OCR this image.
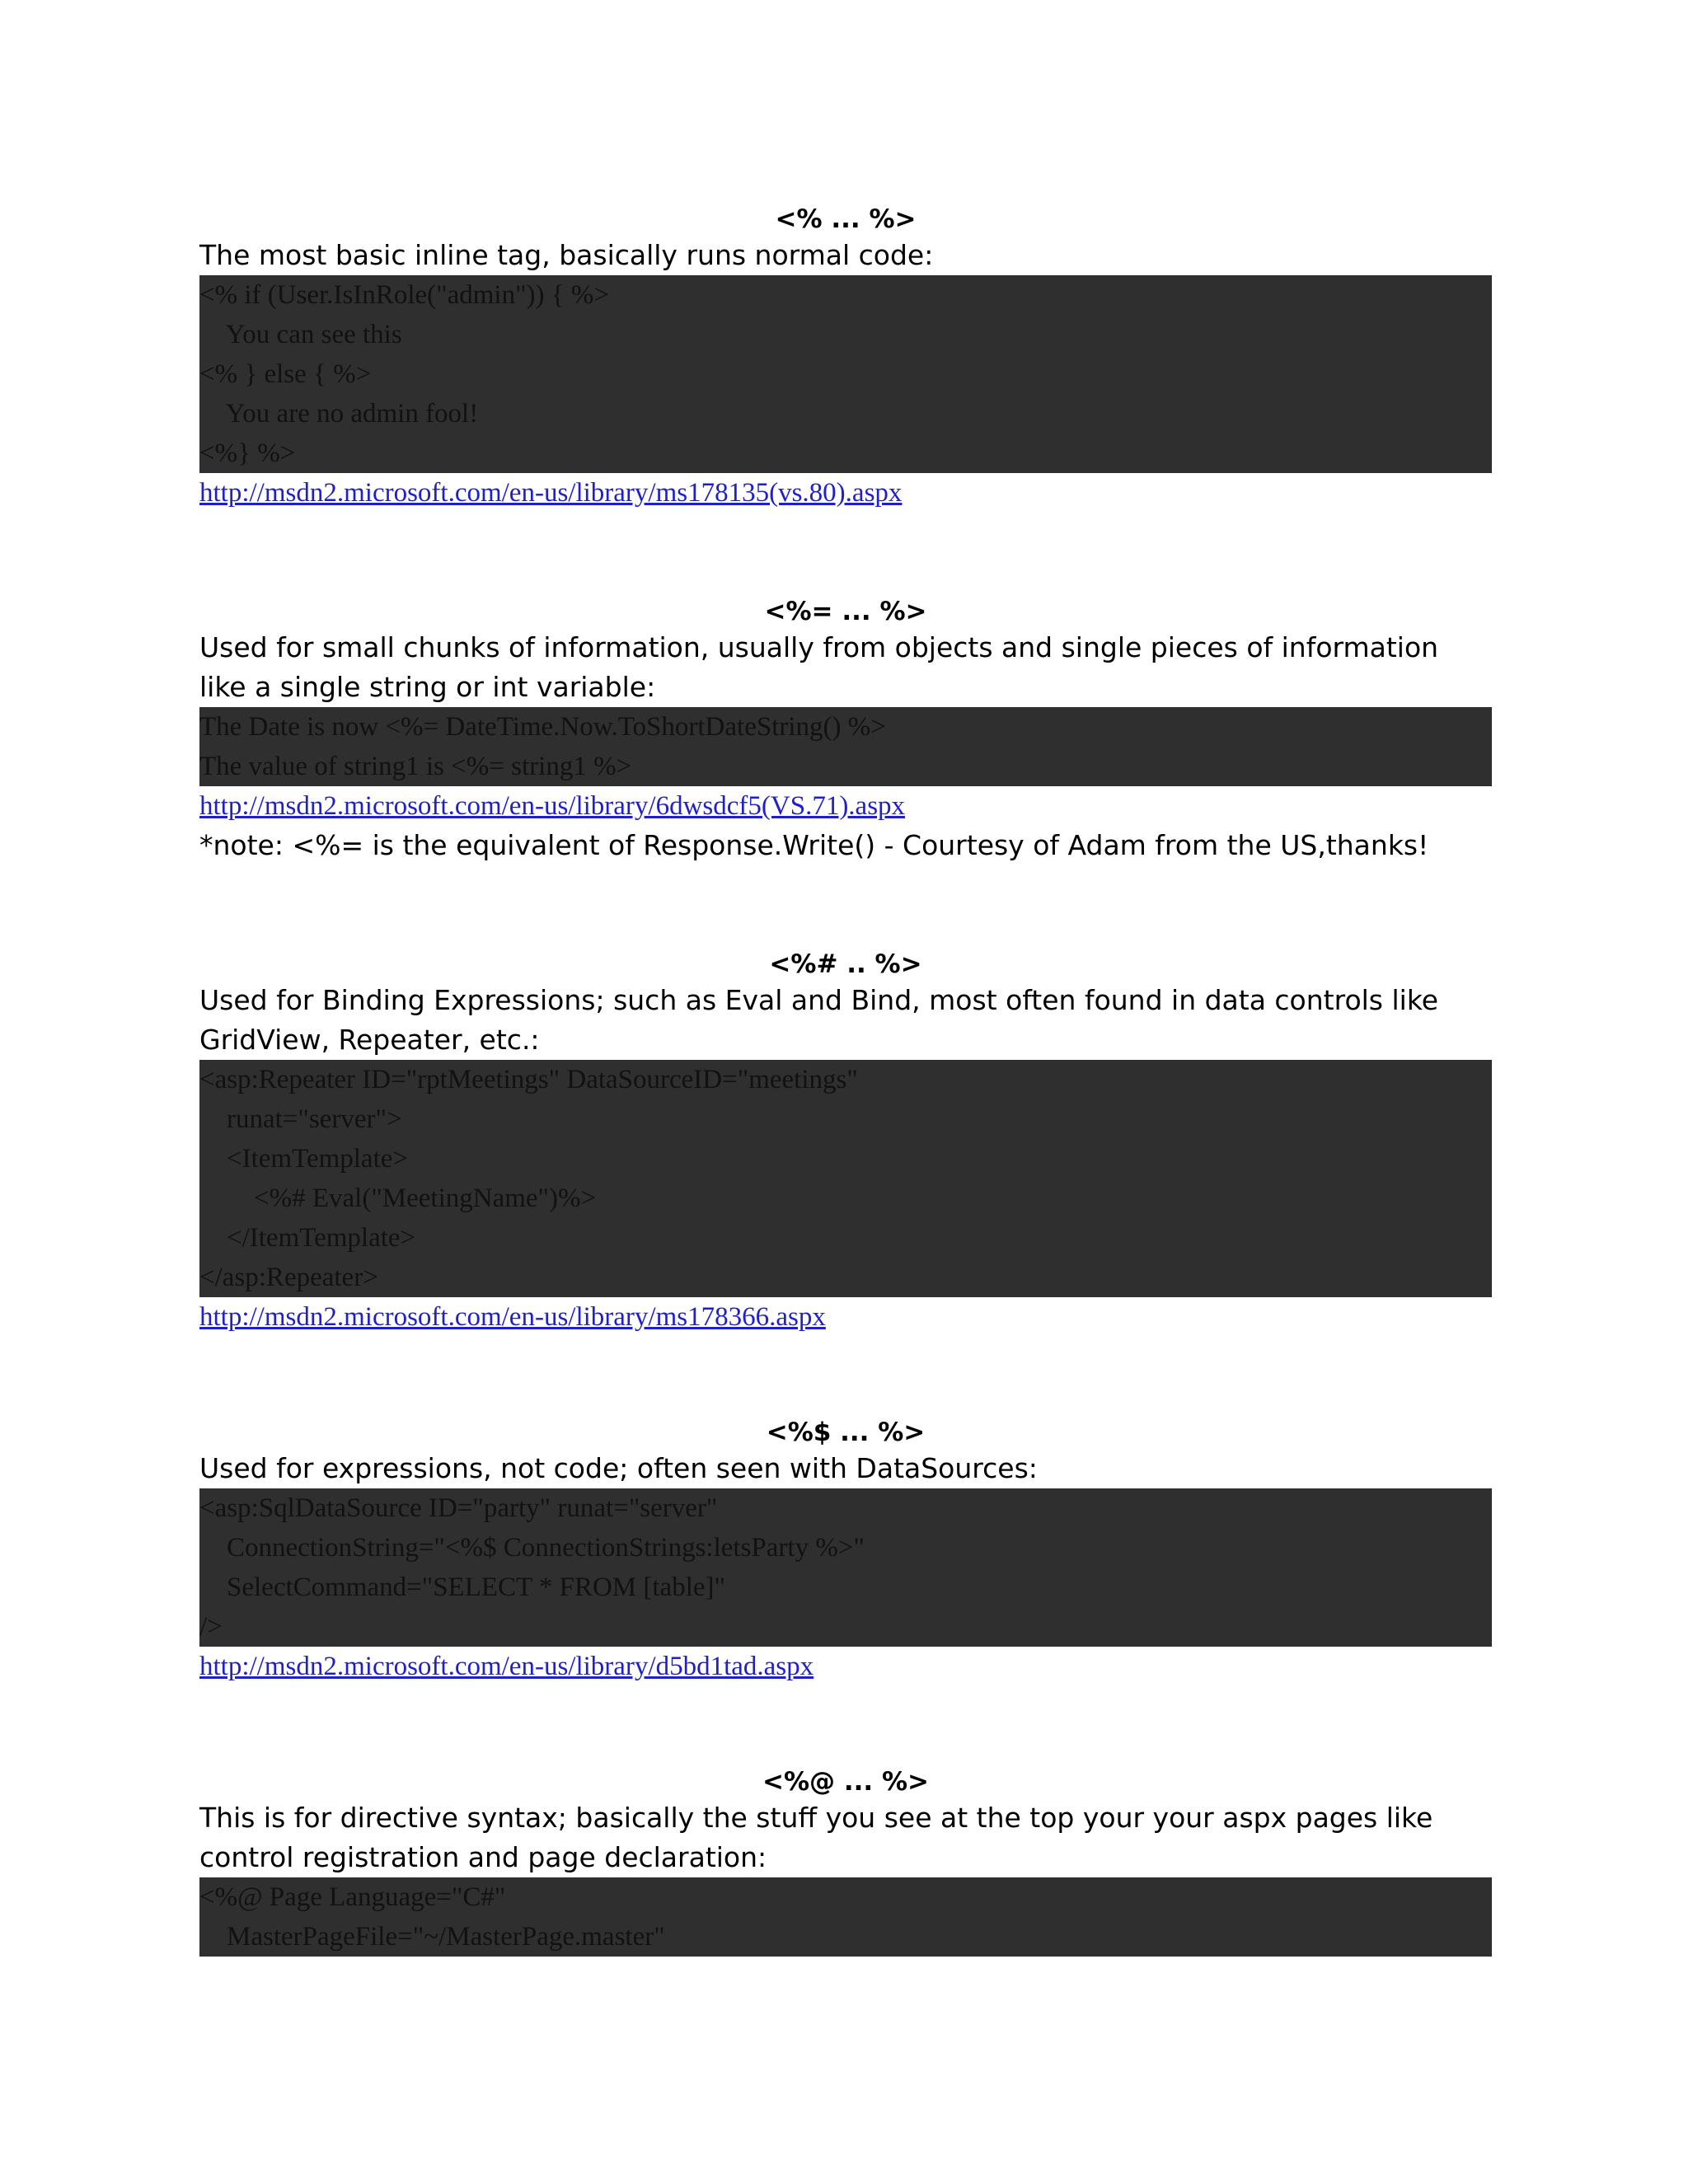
<% ... %>
The most basic inline tag, basically runs normal code:
<% if (User.IsInRole("admin")) { %>
You can see this
<% } else { %>
You are no admin fool!
<%} %>
http://msdn2.microsoft.com/en-us/library/ms178135(vs.80).aspx
<%= ... %>
Used for small chunks of information, usually from objects and single pieces of information like a single string or int variable:
The Date is now <%= DateTime.Now.ToShortDateString() %>
The value of string1 is <%= string1 %>
http://msdn2.microsoft.com/en-us/library/6dwsdcf5(VS.71).aspx
*note: <%= is the equivalent of Response.Write() - Courtesy of Adam from the US,thanks!
<%# .. %>
Used for Binding Expressions; such as Eval and Bind, most often found in data controls like GridView, Repeater, etc.:
<asp:Repeater ID="rptMeetings" DataSourceID="meetings"
runat="server">
<ItemTemplate>
<%# Eval("MeetingName")%>
</ItemTemplate>
</asp:Repeater>
http://msdn2.microsoft.com/en-us/library/ms178366.aspx
<%$ ... %>
Used for expressions, not code; often seen with DataSources:
<asp:SqlDataSource ID="party" runat="server"
ConnectionString="<%$ ConnectionStrings:letsParty %>"
SelectCommand="SELECT * FROM [table]"
/>
http://msdn2.microsoft.com/en-us/library/d5bd1tad.aspx
<%@ ... %>
This is for directive syntax; basically the stuff you see at the top your your aspx pages like control registration and page declaration:
<%@ Page Language="C#"
MasterPageFile="~/MasterPage.master"
